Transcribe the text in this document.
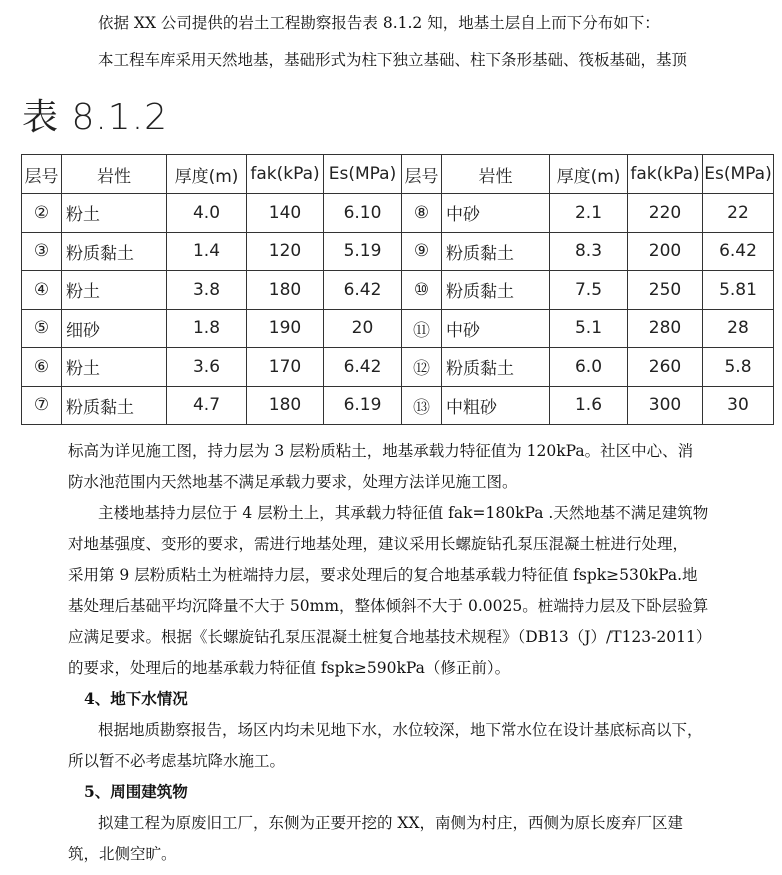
依据 XX 公司提供的岩土工程勘察报告表 8.1.2 知，地基土层自上而下分布如下：
本工程车库采用天然地基，基础形式为柱下独立基础、柱下条形基础、筏板基础，基顶
表 8.1.2
层号	岩性	厚度(m)	fak(kPa)	Es(MPa)	层号	岩性	厚度(m)	fak(kPa)	Es(MPa)
②	粉土	4.0	140	6.10	⑧	中砂	2.1	220	22
③	粉质黏土	1.4	120	5.19	⑨	粉质黏土	8.3	200	6.42
④	粉土	3.8	180	6.42	⑩	粉质黏土	7.5	250	5.81
⑤	细砂	1.8	190	20	⑪	中砂	5.1	280	28
⑥	粉土	3.6	170	6.42	⑫	粉质黏土	6.0	260	5.8
⑦	粉质黏土	4.7	180	6.19	⑬	中粗砂	1.6	300	30
标高为详见施工图，持力层为 3 层粉质粘土，地基承载力特征值为 120kPa。社区中心、消
防水池范围内天然地基不满足承载力要求，处理方法详见施工图。
主楼地基持力层位于 4 层粉土上，其承载力特征值 fak=180kPa .天然地基不满足建筑物
对地基强度、变形的要求，需进行地基处理，建议采用长螺旋钻孔泵压混凝土桩进行处理，
采用第 9 层粉质粘土为桩端持力层，要求处理后的复合地基承载力特征值 fspk≥530kPa.地
基处理后基础平均沉降量不大于 50mm，整体倾斜不大于 0.0025。桩端持力层及下卧层验算
应满足要求。根据《长螺旋钻孔泵压混凝土桩复合地基技术规程》（DB13（J）/T123-2011）
的要求，处理后的地基承载力特征值 fspk≥590kPa（修正前）。
4、地下水情况
根据地质勘察报告，场区内均未见地下水，水位较深，地下常水位在设计基底标高以下，
所以暂不必考虑基坑降水施工。
5、周围建筑物
拟建工程为原废旧工厂，东侧为正要开挖的 XX，南侧为村庄，西侧为原长废弃厂区建
筑，北侧空旷。
